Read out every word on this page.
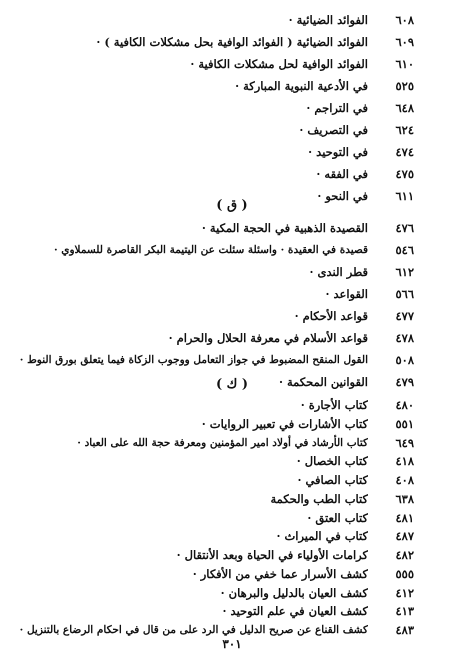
٦٠٨
الفوائد الضيائية ·
٦٠٩
الفوائد الضيائية ( الفوائد الوافية بحل مشكلات الكافية ) ·
٦١٠
الفوائد الوافية لحل مشكلات الكافية ·
٥٢٥
في الأدعية النبوية المباركة ·
٦٤٨
في التراجم ·
٦٢٤
في التصريف ·
٤٧٤
في التوحيد ·
٤٧٥
في الفقه ·
٦١١
في النحو ·
( ق )
٤٧٦
القصيدة الذهبية في الحجة المكية ·
٥٤٦
قصيدة في العقيدة · واسئلة سئلت عن اليتيمة البكر القاصرة للسملاوي ·
٦١٢
قطر الندى ·
٥٦٦
القواعد ·
٤٧٧
قواعد الأحكام ·
٤٧٨
قواعد الأسلام في معرفة الحلال والحرام ·
٥٠٨
القول المنقح المضبوط في جواز التعامل ووجوب الزكاة فيما يتعلق بورق النوط ·
٤٧٩
القوانين المحكمة ·
( ك )
٤٨٠
كتاب الأجارة ·
٥٥١
كتاب الأشارات في تعبير الروايات ·
٦٤٩
كتاب الأرشاد في أولاد امير المؤمنين ومعرفة حجة الله على العباد ·
٤١٨
كتاب الخصال ·
٤٠٨
كتاب الصافي ·
٦٣٨
كتاب الطب والحكمة
٤٨١
كتاب العتق ·
٤٨٧
كتاب في الميراث ·
٤٨٢
كرامات الأولياء في الحياة وبعد الأنتقال ·
٥٥٥
كشف الأسرار عما خفي من الأفكار ·
٤١٢
كشف العيان بالدليل والبرهان ·
٤١٣
كشف العيان في علم التوحيد ·
٤٨٣
كشف القناع عن صريح الدليل في الرد على من قال في احكام الرضاع بالتنزيل ·
٣٠١
